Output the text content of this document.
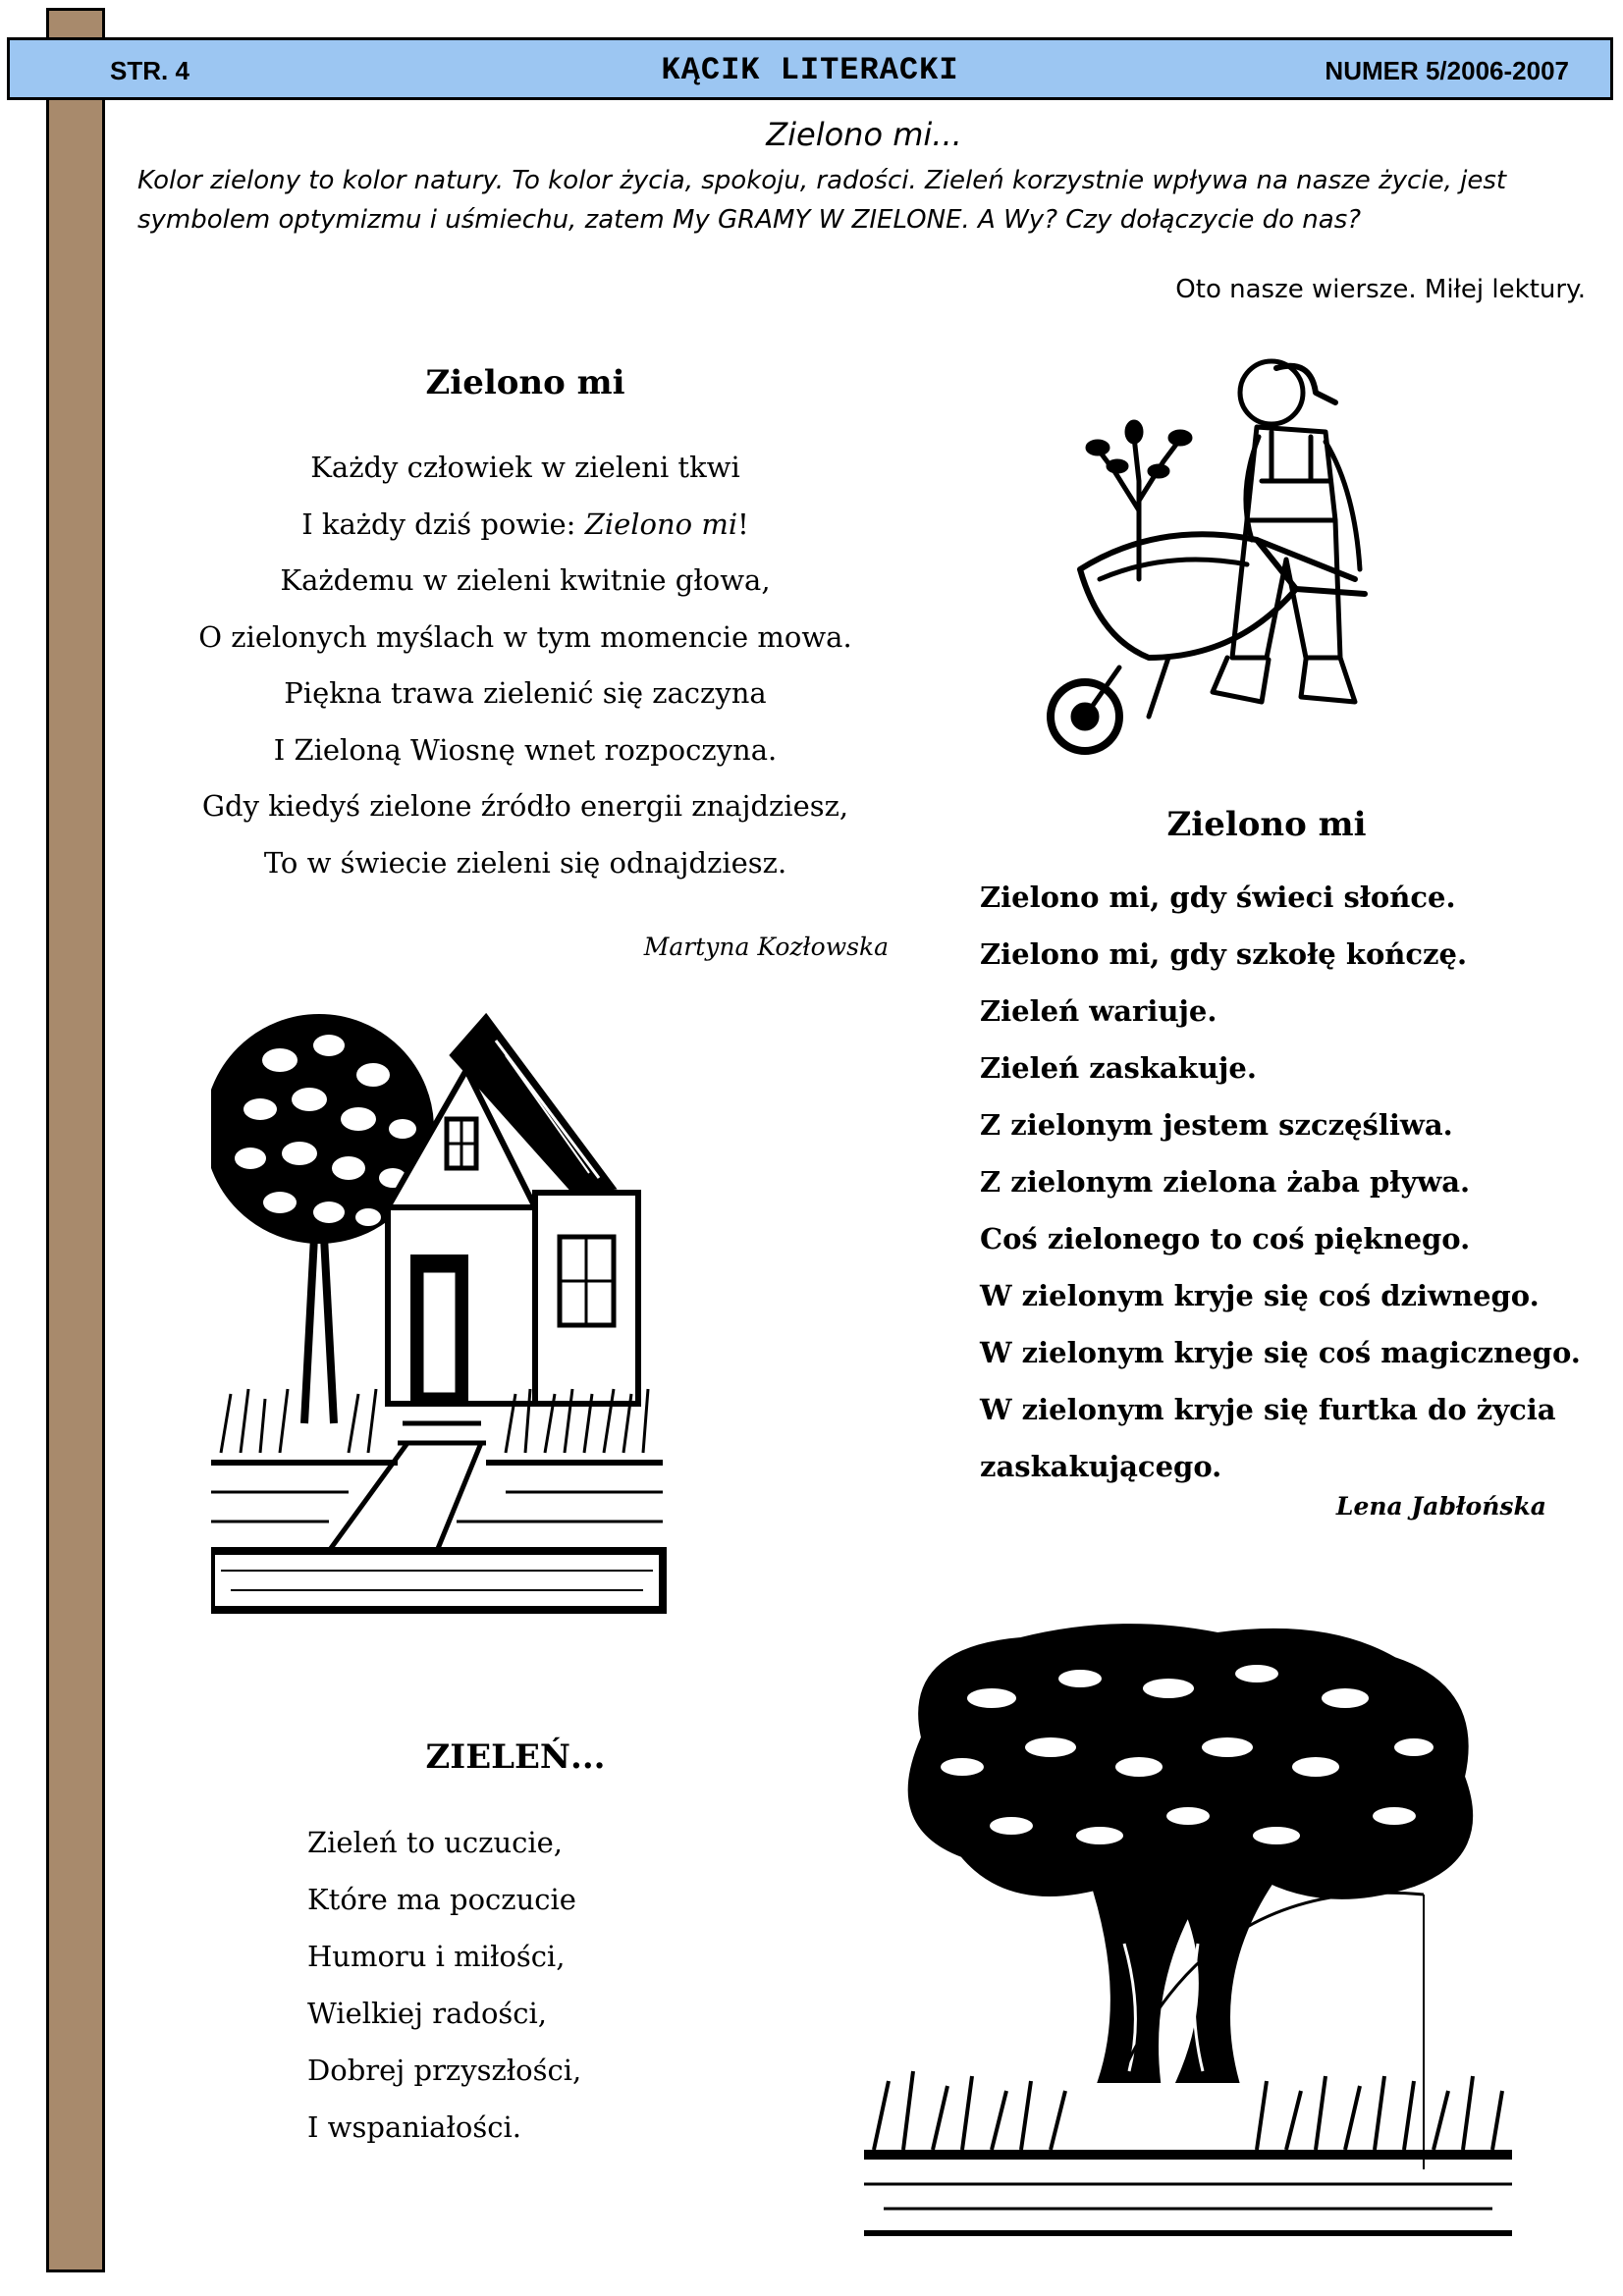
STR. 4	KĄCIK LITERACKI	NUMER 5/2006-2007
Zielono mi...

Kolor zielony to kolor natury. To kolor życia, spokoju, radości. Zieleń korzystnie wpływa na nasze życie, jest

symbolem optymizmu i uśmiechu, zatem My GRAMY W ZIELONE. A Wy? Czy dołączycie do nas?

Oto nasze wiersze. Miłej lektury.
Zielono mi
Każdy człowiek w zieleni tkwi
I każdy dziś powie: Zielono mi!
Każdemu w zieleni kwitnie głowa,
O zielonych myślach w tym momencie mowa.
Piękna trawa zielenić się zaczyna
I Zieloną Wiosnę wnet rozpoczyna.
Gdy kiedyś zielone źródło energii znajdziesz,
To w świecie zieleni się odnajdziesz.
Martyna Kozłowska
Zielono mi
Zielono mi, gdy świeci słońce.
Zielono mi, gdy szkołę kończę.
Zieleń wariuje.
Zieleń zaskakuje.
Z zielonym jestem szczęśliwa.
Z zielonym zielona żaba pływa.
Coś zielonego to coś pięknego.
W zielonym kryje się coś dziwnego.
W zielonym kryje się coś magicznego.
W zielonym kryje się furtka do życia
zaskakującego.
Lena Jabłońska
ZIELEŃ...
Zieleń to uczucie,
Które ma poczucie
Humoru i miłości,
Wielkiej radości,
Dobrej przyszłości,
I wspaniałości.
